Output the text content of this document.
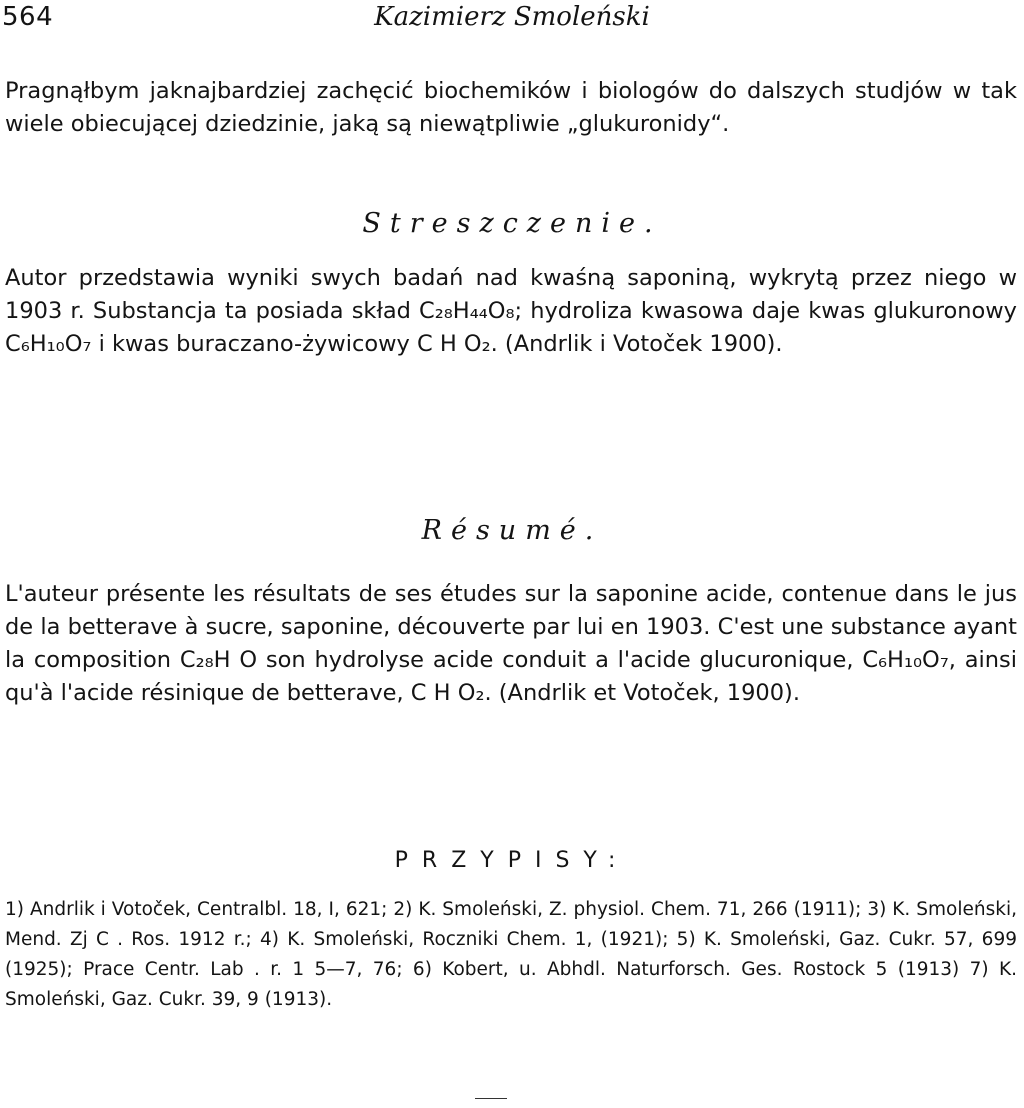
564	Kazimierz Smoleński

Pragnąłbym jaknajbardziej zachęcić biochemików i biologów do dalszych studjów w tak wiele obiecującej dziedzinie, jaką są niewątpliwie „glukuronidy“.

Streszczenie.

Autor przedstawia wyniki swych badań nad kwaśną saponiną, wykrytą przez niego w 1903 r. Substancja ta posiada skład C₂₈H₄₄O₈; hydroliza kwasowa daje kwas glukuronowy C₆H₁₀O₇ i kwas buraczano-żywicowy C H O₂. (Andrlik i Votoček 1900).

Résumé.

L'auteur présente les résultats de ses études sur la saponine acide, contenue dans le jus de la betterave à sucre, saponine, découverte par lui en 1903. C'est une substance ayant la composition C₂₈H O son hydrolyse acide conduit a l'acide glucuronique, C₆H₁₀O₇, ainsi qu'à l'acide résinique de betterave, C H O₂. (Andrlik et Votoček, 1900).

PRZYPISY:

1) Andrlik i Votoček, Centralbl. 18, I, 621; 2) K. Smoleński, Z. physiol. Chem. 71, 266 (1911); 3) K. Smoleński, Mend. Zj C . Ros. 1912 r.; 4) K. Smoleński, Roczniki Chem. 1, (1921); 5) K. Smoleński, Gaz. Cukr. 57, 699 (1925); Prace Centr. Lab . r. 1 5—7, 76; 6) Kobert, u. Abhdl. Naturforsch. Ges. Rostock 5 (1913) 7) K. Smoleński, Gaz. Cukr. 39, 9 (1913).
